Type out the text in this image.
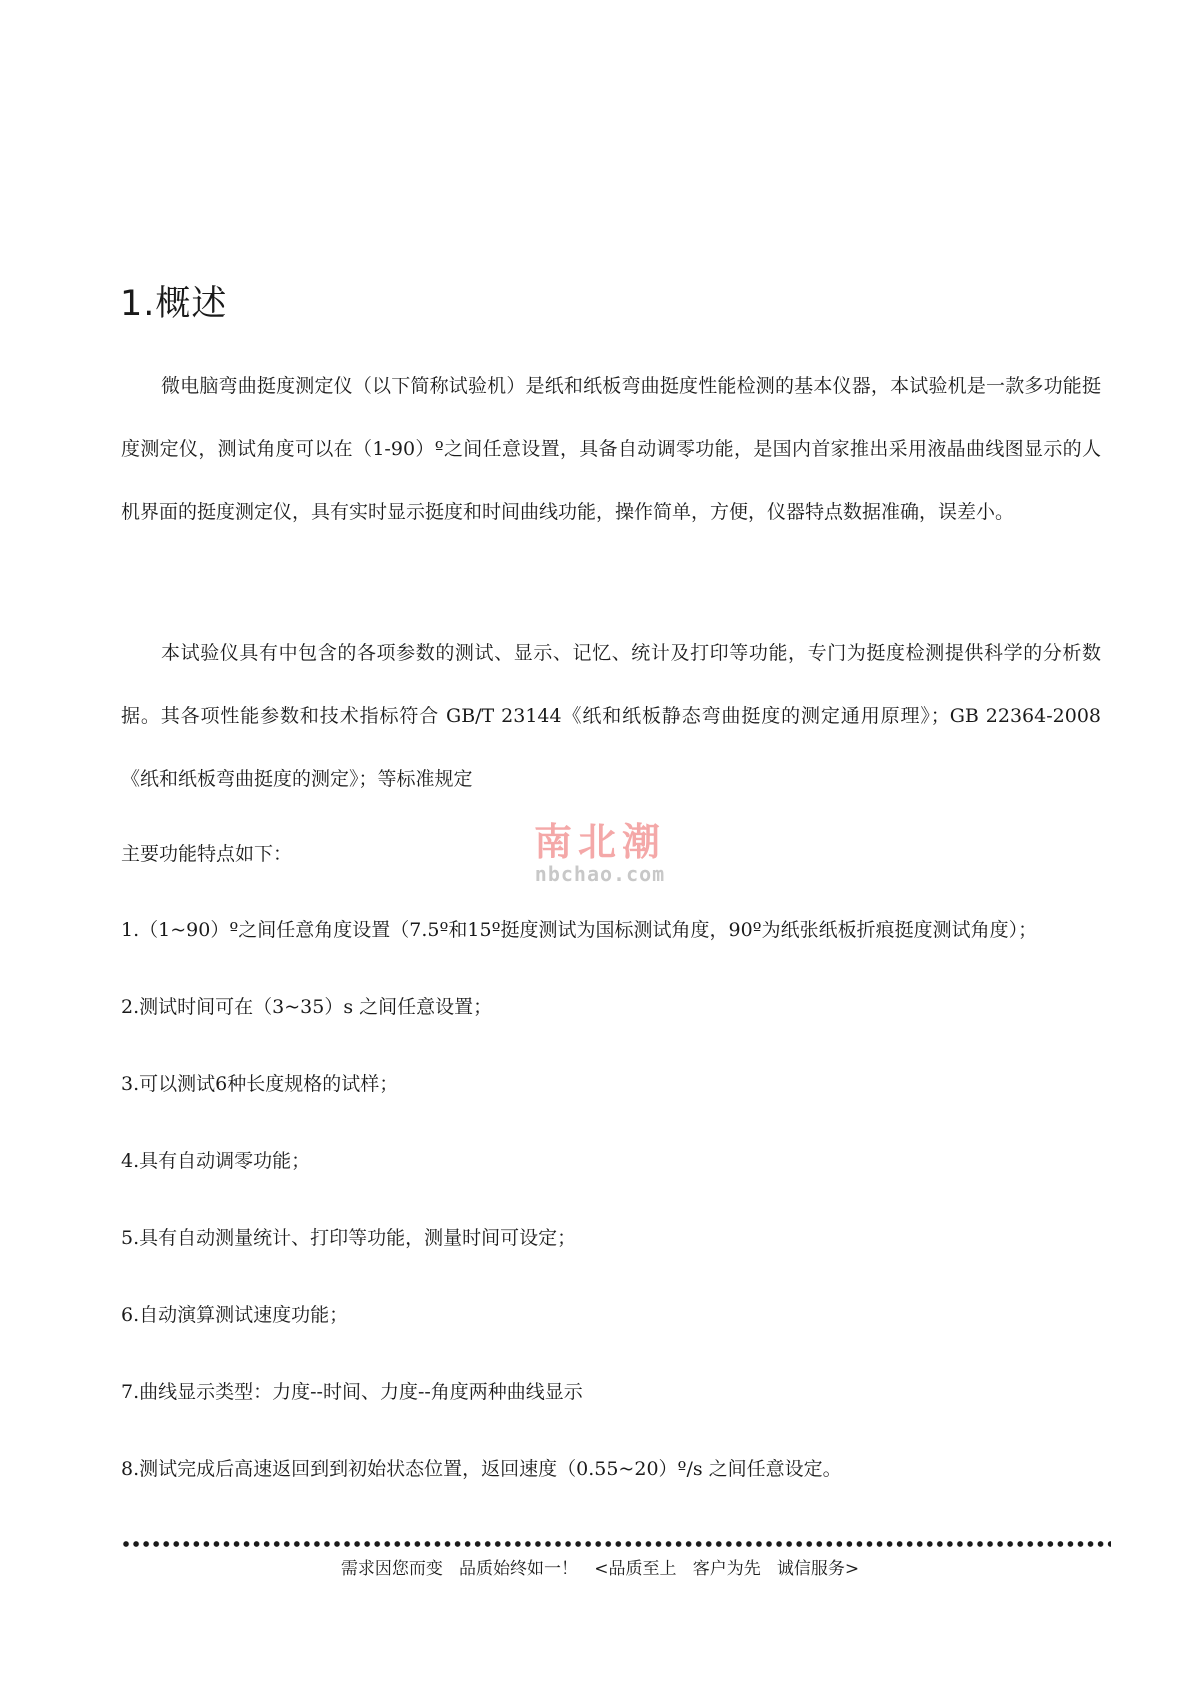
1.概述

微电脑弯曲挺度测定仪（以下简称试验机）是纸和纸板弯曲挺度性能检测的基本仪器，本试验机是一款多功能挺度测定仪，测试角度可以在（1-90）º之间任意设置，具备自动调零功能，是国内首家推出采用液晶曲线图显示的人机界面的挺度测定仪，具有实时显示挺度和时间曲线功能，操作简单，方便，仪器特点数据准确，误差小。

本试验仪具有中包含的各项参数的测试、显示、记忆、统计及打印等功能，专门为挺度检测提供科学的分析数据。其各项性能参数和技术指标符合 GB/T 23144《纸和纸板静态弯曲挺度的测定通用原理》；GB 22364-2008《纸和纸板弯曲挺度的测定》；等标准规定

主要功能特点如下：	南北潮
nbchao.com

1.（1~90）º之间任意角度设置（7.5º和15º挺度测试为国标测试角度，90º为纸张纸板折痕挺度测试角度）；

2.测试时间可在（3~35）s 之间任意设置；

3.可以测试6种长度规格的试样；

4.具有自动调零功能；

5.具有自动测量统计、打印等功能，测量时间可设定；

6.自动演算测试速度功能；

7.曲线显示类型：力度--时间、力度--角度两种曲线显示

8.测试完成后高速返回到到初始状态位置，返回速度（0.55~20）º/s 之间任意设定。

需求因您而变   品质始终如一！   <品质至上   客户为先   诚信服务>
